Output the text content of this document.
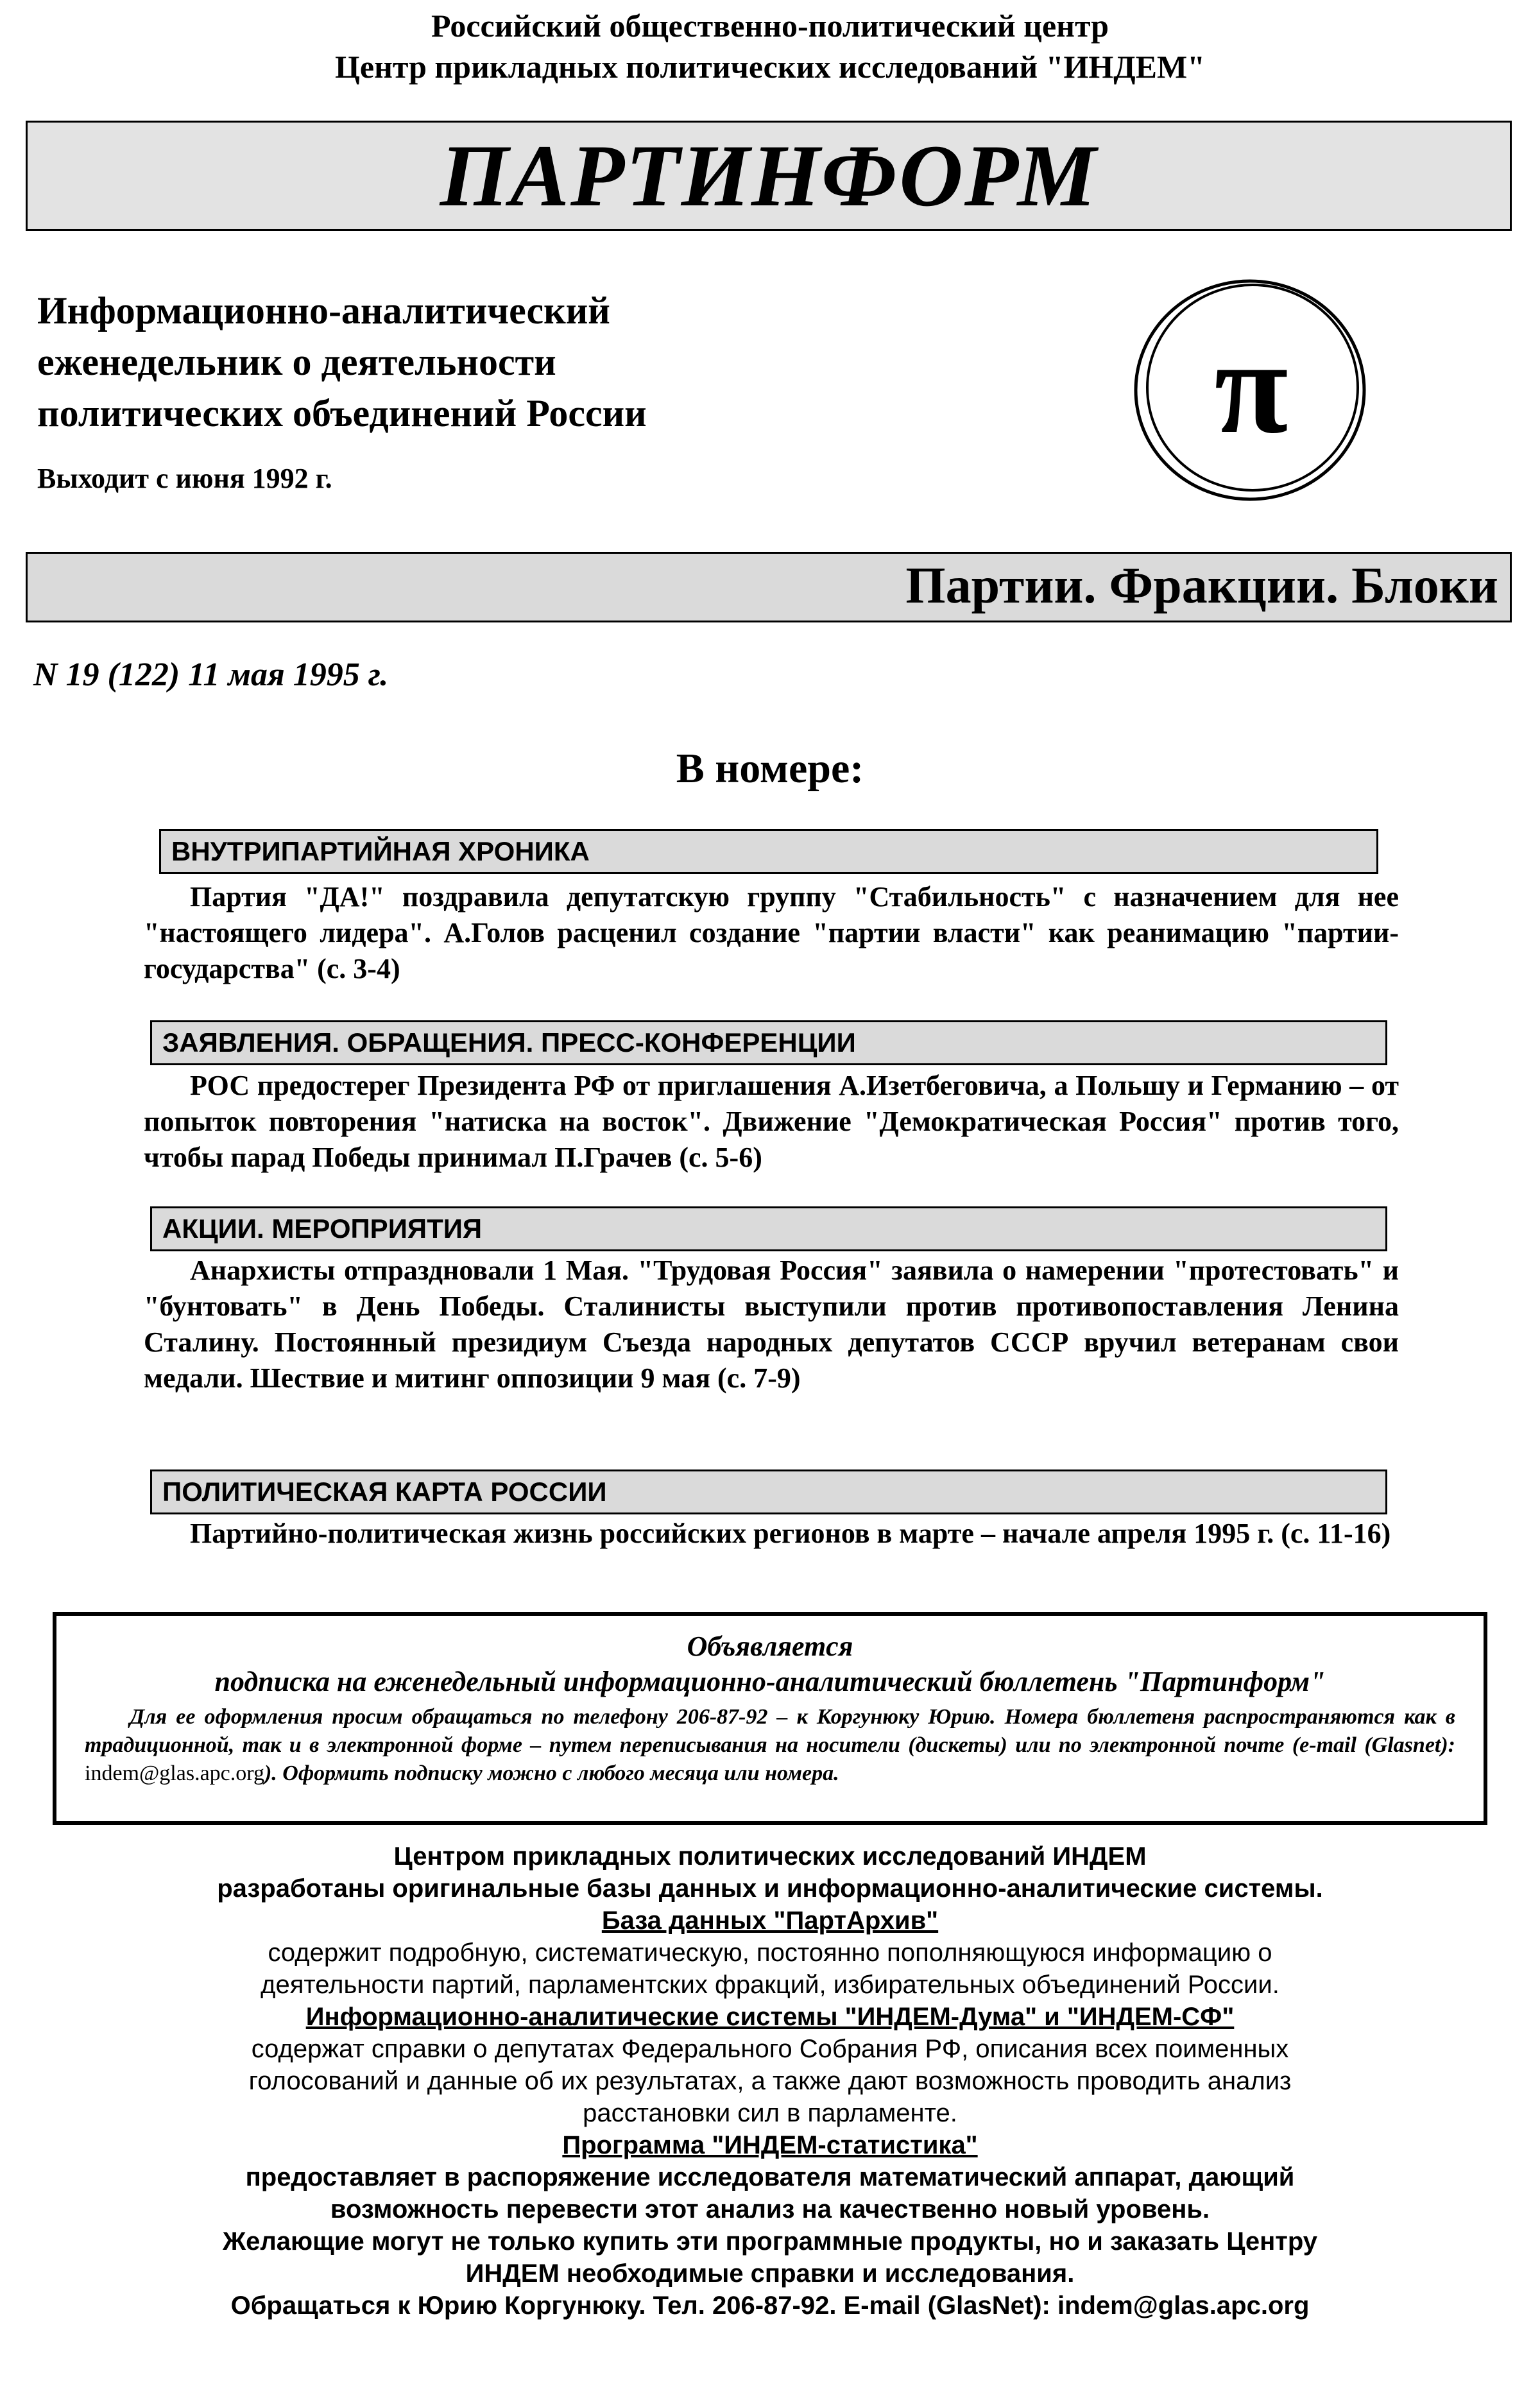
Российский общественно-политический центр
Центр прикладных политических исследований "ИНДЕМ"
ПАРТИНФОРМ
Информационно-аналитический
еженедельник о деятельности
политических объединений России
Выходит с июня 1992 г.
π
Партии. Фракции. Блоки
N 19 (122) 11 мая 1995 г.
В номере:
ВНУТРИПАРТИЙНАЯ ХРОНИКА
Партия "ДА!" поздравила депутатскую группу "Стабильность" с назначением для нее "настоящего лидера". А.Голов расценил создание "партии власти" как реанимацию "партии-государства" (с. 3-4)
ЗАЯВЛЕНИЯ. ОБРАЩЕНИЯ. ПРЕСС-КОНФЕРЕНЦИИ
РОС предостерег Президента РФ от приглашения А.Изетбеговича, а Польшу и Германию – от попыток повторения "натиска на восток". Движение "Демократическая Россия" против того, чтобы парад Победы принимал П.Грачев (с. 5-6)
АКЦИИ. МЕРОПРИЯТИЯ
Анархисты отпраздновали 1 Мая. "Трудовая Россия" заявила о намерении "протестовать" и "бунтовать" в День Победы. Сталинисты выступили против противопоставления Ленина Сталину. Постоянный президиум Съезда народных депутатов СССР вручил ветеранам свои медали. Шествие и митинг оппозиции 9 мая (с. 7-9)
ПОЛИТИЧЕСКАЯ КАРТА РОССИИ
Партийно-политическая жизнь российских регионов в марте – начале апреля 1995 г. (с. 11-16)
Объявляется
подписка на еженедельный информационно-аналитический бюллетень "Партинформ"
Для ее оформления просим обращаться по телефону 206-87-92 – к Коргунюку Юрию. Номера бюллетеня распространяются как в традиционной, так и в электронной форме – путем переписывания на носители (дискеты) или по электронной почте (e-mail (Glasnet): indem@glas.apc.org). Оформить подписку можно с любого месяца или номера.
Центром прикладных политических исследований ИНДЕМ
разработаны оригинальные базы данных и информационно-аналитические системы.
База данных "ПартАрхив"
содержит подробную, систематическую, постоянно пополняющуюся информацию о
деятельности партий, парламентских фракций, избирательных объединений России.
Информационно-аналитические системы "ИНДЕМ-Дума" и "ИНДЕМ-СФ"
содержат справки о депутатах Федерального Собрания РФ, описания всех поименных
голосований и данные об их результатах, а также дают возможность проводить анализ
расстановки сил в парламенте.
Программа "ИНДЕМ-статистика"
предоставляет в распоряжение исследователя математический аппарат, дающий
возможность перевести этот анализ на качественно новый уровень.
Желающие могут не только купить эти программные продукты, но и заказать Центру
ИНДЕМ необходимые справки и исследования.
Обращаться к Юрию Коргунюку. Тел. 206-87-92. E-mail (GlasNet): indem@glas.apc.org
